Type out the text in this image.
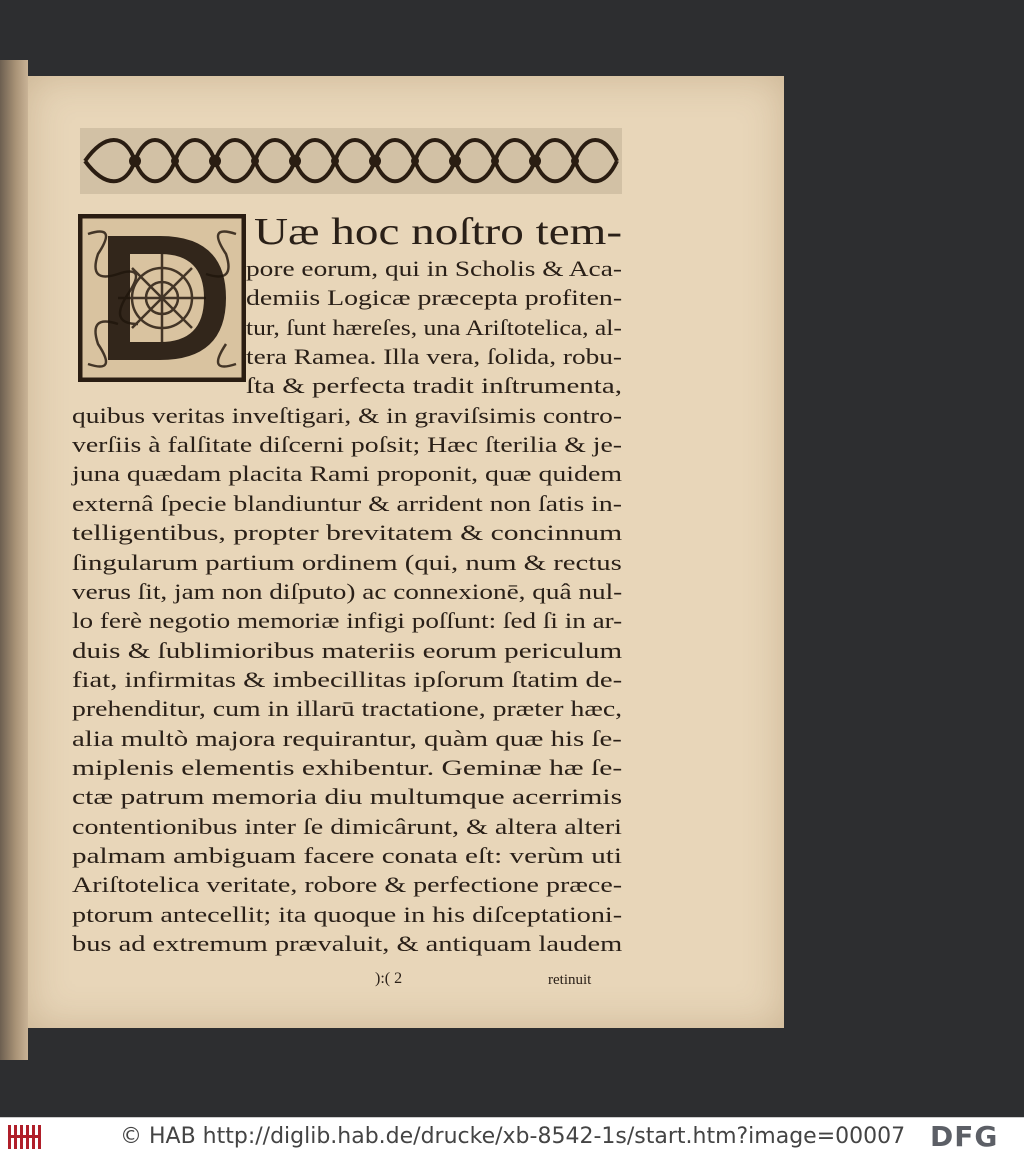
Uæ hoc noſtro tem-
):( 2	retinuit
pore eorum, qui in Scholis & Aca-
demiis Logicæ præcepta profiten-
tur, ſunt hæreſes, una Ariſtotelica, al-
tera Ramea. Illa vera, ſolida, robu-
ſta & perfecta tradit inſtrumenta,
quibus veritas inveſtigari, & in graviſsimis contro-
verſiis à falſitate diſcerni poſsit; Hæc ſterilia & je-
juna quædam placita Rami proponit, quæ quidem
externâ ſpecie blandiuntur & arrident non ſatis in-
telligentibus, propter brevitatem & concinnum
ſingularum partium ordinem (qui, num & rectus
verus ſit, jam non diſputo) ac connexionē, quâ nul-
lo ferè negotio memoriæ infigi poſſunt: ſed ſi in ar-
duis & ſublimioribus materiis eorum periculum
fiat, infirmitas & imbecillitas ipſorum ſtatim de-
prehenditur, cum in illarū tractatione, præter hæc,
alia multò majora requirantur, quàm quæ his ſe-
miplenis elementis exhibentur. Geminæ hæ ſe-
ctæ patrum memoria diu multumque acerrimis
contentionibus inter ſe dimicârunt, & altera alteri
palmam ambiguam facere conata eſt: verùm uti
Ariſtotelica veritate, robore & perfectione præce-
ptorum antecellit; ita quoque in his diſceptationi-
bus ad extremum prævaluit, & antiquam laudem
© HAB http://diglib.hab.de/drucke/xb-8542-1s/start.htm?image=00007 DFG
